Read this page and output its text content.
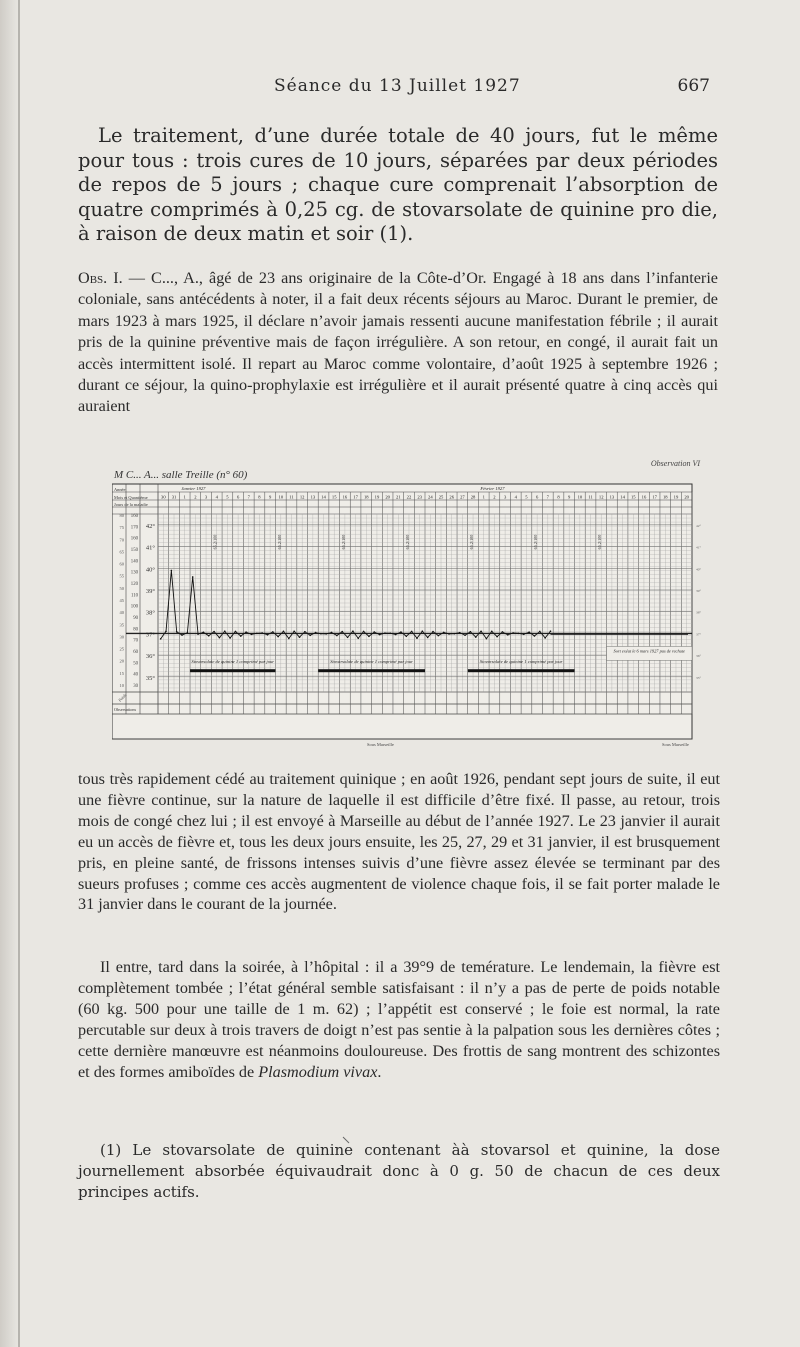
Séance du 13 Juillet 1927	667
Le traitement, d’une durée totale de 40 jours, fut le même pour tous : trois cures de 10 jours, séparées par deux périodes de repos de 5 jours ; chaque cure comprenait l’absorption de quatre comprimés à 0,25 cg. de stovarsolate de quinine pro die, à raison de deux matin et soir (1).
Obs. I. — C..., A., âgé de 23 ans originaire de la Côte-d’Or. Engagé à 18 ans dans l’infanterie coloniale, sans antécédents à noter, il a fait deux récents séjours au Maroc. Durant le premier, de mars 1923 à mars 1925, il déclare n’avoir jamais ressenti aucune manifestation fébrile ; il aurait pris de la quinine préventive mais de façon irrégulière. A son retour, en congé, il aurait fait un accès intermittent isolé. Il repart au Maroc comme volontaire, d’août 1925 à septembre 1926 ; durant ce séjour, la quino-prophylaxie est irrégulière et il aurait présenté quatre à cinq accès qui auraient
M C... A... salle Treille (n° 60)
Observation VI
Année
Mois et Quantième
Jours de la maladie
Janvier 1927	Février 1927
30 31 1 2 3 4 5 6 7 8 9 10 11 12 13 14 15 16 17 18 19 20 21 22 23 24 25 26 27 28 1 2 3 4 5 6 7 8 9 10 11 12 13 14 15 16 17 18 19 20
42°	42°
41°	41°
40°	40°
39°	39°
38°	38°
37°	37°
36°	36°
35°	35°
160
170
160
150
140
130
120
110
100
90
80
70
60
50
40
30
80
75
70
65
60
55
50
45
40
35
30
25
20
15
10
Poids
Observations
65.2/100	65.2/100	65.2/100	65.2/100	65.2/100	65.2/100	65.2/100
Stovarsolate de quinine 1 comprimé par jour	Stovarsolate de quinine 1 comprimé par jour	Stovarsolate de quinine 1 comprimé par jour
Sort exéat le 6 mars 1927 pas de rechute
Sous Marseille	Sous Marseille
tous très rapidement cédé au traitement quinique ; en août 1926, pendant sept jours de suite, il eut une fièvre continue, sur la nature de laquelle il est difficile d’être fixé. Il passe, au retour, trois mois de congé chez lui ; il est envoyé à Marseille au début de l’année 1927. Le 23 janvier il aurait eu un accès de fièvre et, tous les deux jours ensuite, les 25, 27, 29 et 31 janvier, il est brusquement pris, en pleine santé, de frissons intenses suivis d’une fièvre assez élevée se terminant par des sueurs profuses ; comme ces accès augmentent de violence chaque fois, il se fait porter malade le 31 janvier dans le courant de la journée.
Il entre, tard dans la soirée, à l’hôpital : il a 39°9 de temérature. Le lendemain, la fièvre est complètement tombée ; l’état général semble satisfaisant : il n’y a pas de perte de poids notable (60 kg. 500 pour une taille de 1 m. 62) ; l’appétit est conservé ; le foie est normal, la rate percutable sur deux à trois travers de doigt n’est pas sentie à la palpation sous les dernières côtes ; cette dernière manœuvre est néanmoins douloureuse. Des frottis de sang montrent des schizontes et des formes amiboïdes de Plasmodium vivax.
(1) Le stovarsolate de quinine contenant àà stovarsol et quinine, la dose journellement absorbée équivaudrait donc à 0 g. 50 de chacun de ces deux principes actifs.
